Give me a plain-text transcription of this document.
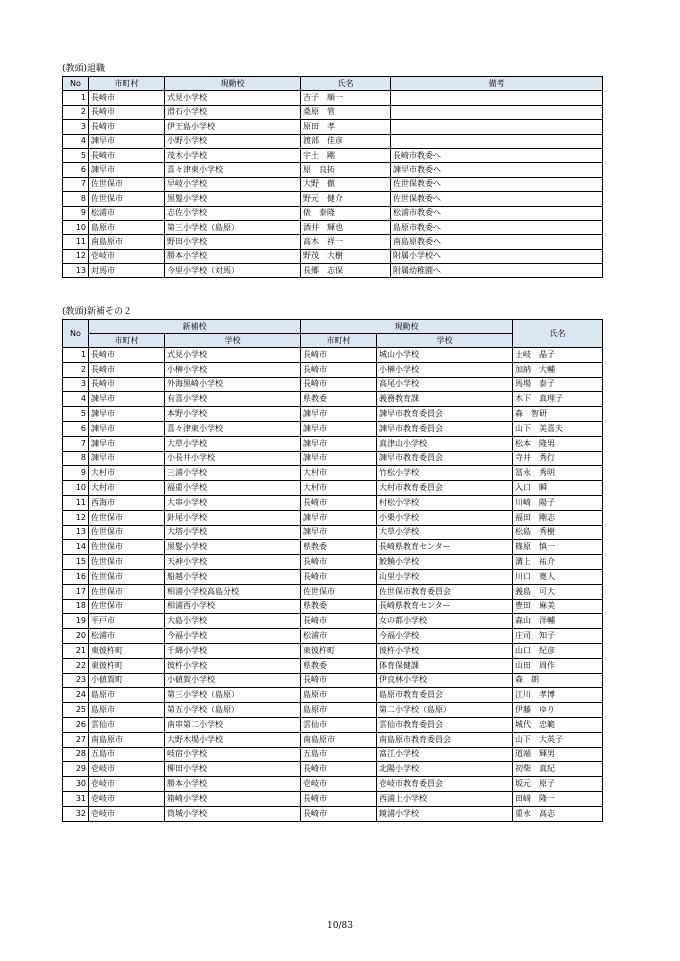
(教頭)退職
No	市町村	現勤校	氏名	備考
1	長崎市	式見小学校	吉子　順一	
2	長崎市	滑石小学校	桑原　管	
3	長崎市	伊王島小学校	原田　孝	
4	諫早市	小野小学校	渡部　佳彦	
5	長崎市	茂木小学校	宇土　剛	長崎市教委へ
6	諫早市	喜々津東小学校	原　良拓	諫早市教委へ
7	佐世保市	早岐小学校	大野　徹	佐世保教委へ
8	佐世保市	黒髪小学校	野元　健介	佐世保教委へ
9	松浦市	志佐小学校	俵　泰隆	松浦市教委へ
10	島原市	第三小学校（島原）	酒井　輝也	島原市教委へ
11	南島原市	野田小学校	高木　祥一	南島原教委へ
12	壱岐市	勝本小学校	野茂　大樹	附属小学校へ
13	対馬市	今里小学校（対馬）	長郷　志保	附属幼稚園へ
(教頭)新補その２
No	新補校		現勤校		氏名
	市町村	学校	市町村	学校	
1	長崎市	式見小学校	長崎市	城山小学校	土岐　晶子
2	長崎市	小榊小学校	長崎市	小榊小学校	加納　大輔
3	長崎市	外海黒崎小学校	長崎市	高尾小学校	馬場　泰子
4	諫早市	有喜小学校	県教委	義務教育課	木下　真理子
5	諫早市	本野小学校	諫早市	諫早市教育委員会	森　智研
6	諫早市	喜々津東小学校	諫早市	諫早市教育委員会	山下　美喜夫
7	諫早市	大草小学校	諫早市	真津山小学校	松本　隆男
8	諫早市	小長井小学校	諫早市	諫早市教育委員会	寺井　秀行
9	大村市	三浦小学校	大村市	竹松小学校	冨永　秀明
10	大村市	福重小学校	大村市	大村市教育委員会	入口　瞬
11	西海市	大串小学校	長崎市	村松小学校	川崎　陽子
12	佐世保市	針尾小学校	諫早市	小栗小学校	福田　剛志
13	佐世保市	大塔小学校	諫早市	大草小学校	松島　秀樹
14	佐世保市	黒髪小学校	県教委	長崎県教育センター	篠原　慎一
15	佐世保市	天神小学校	長崎市	鮫饒小学校	溝上　祐介
16	佐世保市	船越小学校	長崎市	山里小学校	川口　寛人
17	佐世保市	相浦小学校高島分校	佐世保市	佐世保市教育委員会	義島　可大
18	佐世保市	相浦西小学校	県教委	長崎県教育センター	豊田　麻美
19	平戸市	大島小学校	長崎市	女の都小学校	森山　洋輔
20	松浦市	今福小学校	松浦市	今福小学校	庄司　知子
21	東彼杵町	千綿小学校	東彼杵町	彼杵小学校	山口　紀彦
22	東彼杵町	彼杵小学校	県教委	体育保健課	山田　周作
23	小値賀町	小値賀小学校	長崎市	伊良林小学校	森　朗
24	島原市	第三小学校（島原）	島原市	島原市教育委員会	江川　孝博
25	島原市	第五小学校（島原）	島原市	第二小学校（島原）	伊藤　ゆり
26	雲仙市	南串第二小学校	雲仙市	雲仙市教育委員会	城代　忠範
27	南島原市	大野木場小学校	南島原市	南島原市教育委員会	山下　大英子
28	五島市	岐宿小学校	五島市	富江小学校	道端　輝男
29	壱岐市	柳田小学校	長崎市	北陽小学校	初柴　真紀
30	壱岐市	勝本小学校	壱岐市	壱岐市教育委員会	坂元　原子
31	壱岐市	箱崎小学校	長崎市	西浦上小学校	田﨑　隆一
32	壱岐市	筒城小学校	長崎市	鏡浦小学校	重永　高志
10/83
